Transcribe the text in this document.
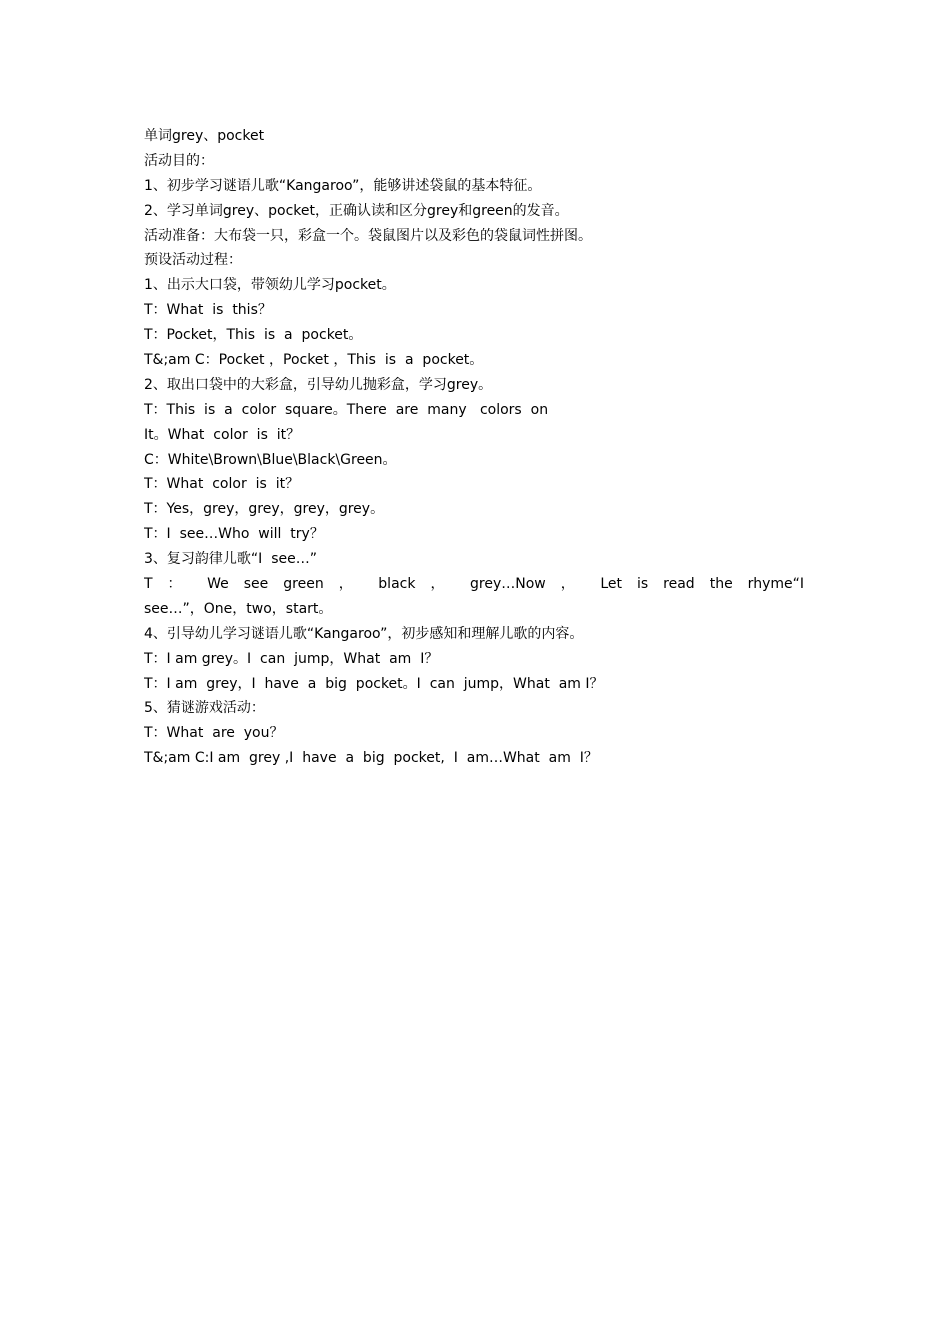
单词grey、pocket
活动目的：
1、初步学习谜语儿歌“Kangaroo”，能够讲述袋鼠的基本特征。
2、学习单词grey、pocket，正确认读和区分grey和green的发音。
活动准备：大布袋一只，彩盒一个。袋鼠图片以及彩色的袋鼠词性拼图。
预设活动过程：
1、出示大口袋，带领幼儿学习pocket。
T：What  is  this？
T：Pocket，This  is  a  pocket。
T&;am C：Pocket ，Pocket ，This  is  a  pocket。
2、取出口袋中的大彩盒，引导幼儿抛彩盒，学习grey。
T：This  is  a  color  square。There  are  many   colors  on
It。What  color  is  it？
C：White\Brown\Blue\Black\Green。
T：What  color  is  it？
T：Yes，grey，grey，grey，grey。
T：I  see…Who  will  try？
3、复习韵律儿歌“I  see…”
T ： We see green ， black ， grey…Now ， Let is read the rhyme“I
see…”，One，two，start。
4、引导幼儿学习谜语儿歌“Kangaroo”，初步感知和理解儿歌的内容。
T：I am grey。I  can  jump，What  am  I？
T：I am  grey，I  have  a  big  pocket。I  can  jump，What  am I？
5、猜谜游戏活动：
T：What  are  you？
T&;am C:I am  grey ,I  have  a  big  pocket,  I  am…What  am  I？
